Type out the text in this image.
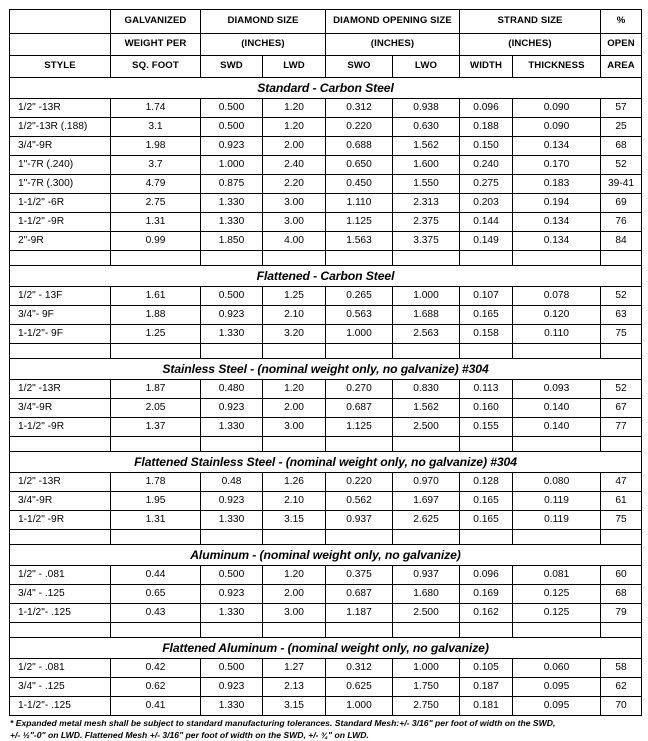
	GALVANIZED	DIAMOND SIZE		DIAMOND OPENING SIZE		STRAND SIZE		%
	WEIGHT PER	(INCHES)		(INCHES)		(INCHES)		OPEN
STYLE	SQ. FOOT	SWD	LWD	SWO	LWO	WIDTH	THICKNESS	AREA
Standard - Carbon Steel								
1/2" -13R	1.74	0.500	1.20	0.312	0.938	0.096	0.090	57
1/2"-13R (.188)	3.1	0.500	1.20	0.220	0.630	0.188	0.090	25
3/4"-9R	1.98	0.923	2.00	0.688	1.562	0.150	0.134	68
1"-7R (.240)	3.7	1.000	2.40	0.650	1.600	0.240	0.170	52
1"-7R (.300)	4.79	0.875	2.20	0.450	1.550	0.275	0.183	39-41
1-1/2" -6R	2.75	1.330	3.00	1.110	2.313	0.203	0.194	69
1-1/2" -9R	1.31	1.330	3.00	1.125	2.375	0.144	0.134	76
2"-9R	0.99	1.850	4.00	1.563	3.375	0.149	0.134	84

Flattened - Carbon Steel								
1/2" - 13F	1.61	0.500	1.25	0.265	1.000	0.107	0.078	52
3/4"- 9F	1.88	0.923	2.10	0.563	1.688	0.165	0.120	63
1-1/2"- 9F	1.25	1.330	3.20	1.000	2.563	0.158	0.110	75

Stainless Steel - (nominal weight only, no galvanize) #304								
1/2" -13R	1.87	0.480	1.20	0.270	0.830	0.113	0.093	52
3/4"-9R	2.05	0.923	2.00	0.687	1.562	0.160	0.140	67
1-1/2" -9R	1.37	1.330	3.00	1.125	2.500	0.155	0.140	77

Flattened Stainless Steel - (nominal weight only, no galvanize) #304								
1/2" -13R	1.78	0.48	1.26	0.220	0.970	0.128	0.080	47
3/4"-9R	1.95	0.923	2.10	0.562	1.697	0.165	0.119	61
1-1/2" -9R	1.31	1.330	3.15	0.937	2.625	0.165	0.119	75

Aluminum - (nominal weight only, no galvanize)								
1/2" - .081	0.44	0.500	1.20	0.375	0.937	0.096	0.081	60
3/4" - .125	0.65	0.923	2.00	0.687	1.680	0.169	0.125	68
1-1/2"- .125	0.43	1.330	3.00	1.187	2.500	0.162	0.125	79

Flattened Aluminum - (nominal weight only, no galvanize)								
1/2" - .081	0.42	0.500	1.27	0.312	1.000	0.105	0.060	58
3/4" - .125	0.62	0.923	2.13	0.625	1.750	0.187	0.095	62
1-1/2"- .125	0.41	1.330	3.15	1.000	2.750	0.181	0.095	70
* Expanded metal mesh shall be subject to standard manufacturing tolerances. Standard Mesh:+/- 3/16" per foot of width on the SWD,
+/- ½"-0" on LWD. Flattened Mesh +/- 3/16" per foot of width on the SWD, +/- ¾" on LWD.
